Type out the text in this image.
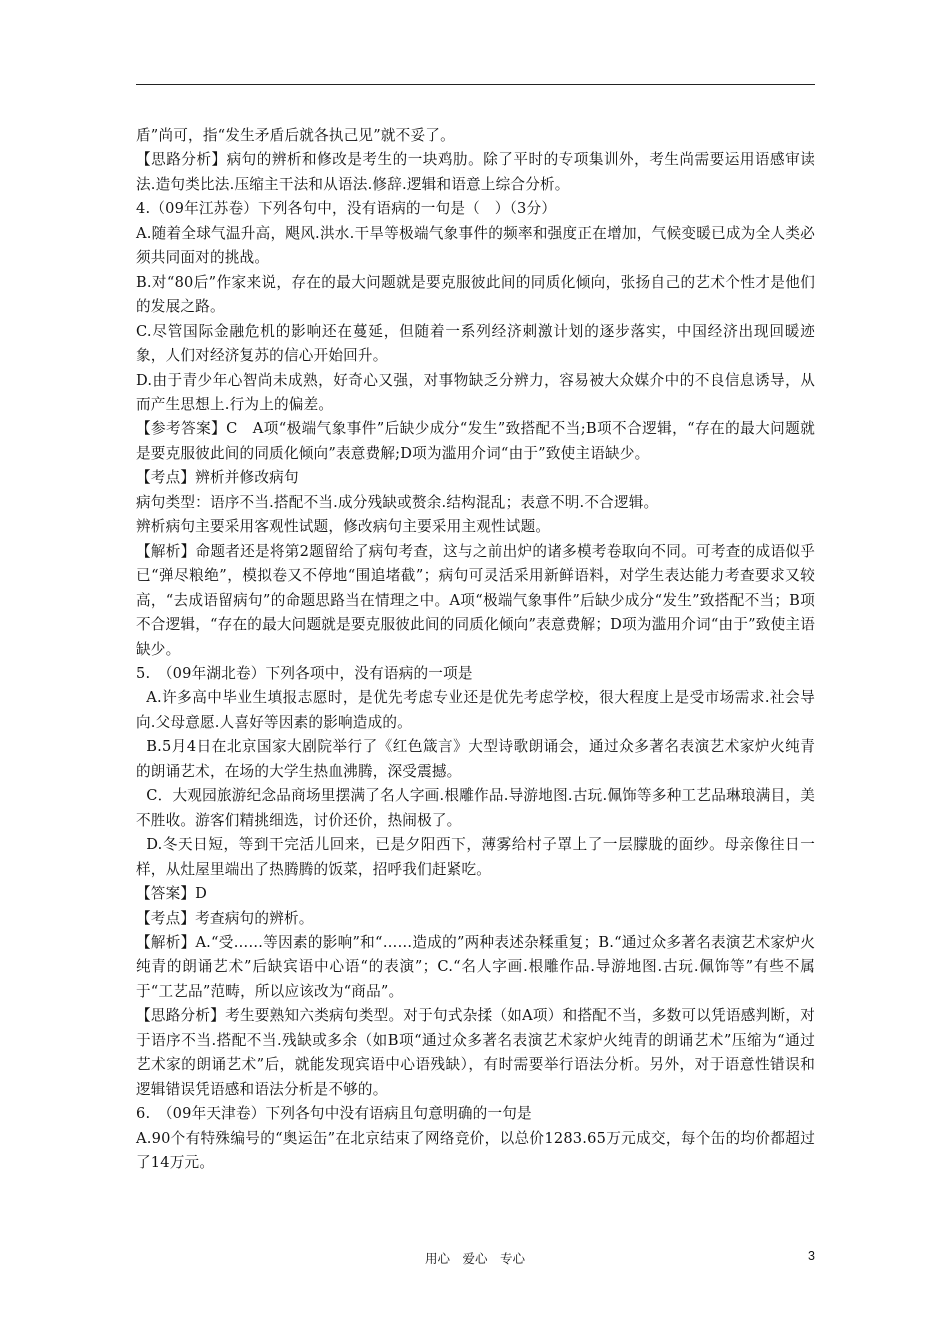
盾”尚可，指“发生矛盾后就各执己见”就不妥了。

【思路分析】病句的辨析和修改是考生的一块鸡肋。除了平时的专项集训外，考生尚需要运用语感审读法.造句类比法.压缩主干法和从语法.修辞.逻辑和语意上综合分析。

4.（09年江苏卷）下列各句中，没有语病的一句是（　）（3分）

A.随着全球气温升高，飓风.洪水.干旱等极端气象事件的频率和强度正在增加，气候变暖已成为全人类必须共同面对的挑战。

B.对“80后”作家来说，存在的最大问题就是要克服彼此间的同质化倾向，张扬自己的艺术个性才是他们的发展之路。

C.尽管国际金融危机的影响还在蔓延，但随着一系列经济刺激计划的逐步落实，中国经济出现回暖迹象，人们对经济复苏的信心开始回升。

D.由于青少年心智尚未成熟，好奇心又强，对事物缺乏分辨力，容易被大众媒介中的不良信息诱导，从而产生思想上.行为上的偏差。

【参考答案】C　A项“极端气象事件”后缺少成分“发生”致搭配不当;B项不合逻辑，“存在的最大问题就是要克服彼此间的同质化倾向”表意费解;D项为滥用介词“由于”致使主语缺少。

【考点】辨析并修改病句

病句类型：语序不当.搭配不当.成分残缺或赘余.结构混乱；表意不明.不合逻辑。

辨析病句主要采用客观性试题，修改病句主要采用主观性试题。

【解析】命题者还是将第2题留给了病句考查，这与之前出炉的诸多模考卷取向不同。可考查的成语似乎已“弹尽粮绝”，模拟卷又不停地“围追堵截”；病句可灵活采用新鲜语料，对学生表达能力考查要求又较高，“去成语留病句”的命题思路当在情理之中。A项“极端气象事件”后缺少成分“发生”致搭配不当；B项不合逻辑，“存在的最大问题就是要克服彼此间的同质化倾向”表意费解；D项为滥用介词“由于”致使主语缺少。

5.　（09年湖北卷）下列各项中，没有语病的一项是

A.许多高中毕业生填报志愿时，是优先考虑专业还是优先考虑学校，很大程度上是受市场需求.社会导向.父母意愿.人喜好等因素的影响造成的。

B.5月4日在北京国家大剧院举行了《红色箴言》大型诗歌朗诵会，通过众多著名表演艺术家炉火纯青的朗诵艺术，在场的大学生热血沸腾，深受震撼。

C．大观园旅游纪念品商场里摆满了名人字画.根雕作品.导游地图.古玩.佩饰等多种工艺品琳琅满目，美不胜收。游客们精挑细选，讨价还价，热闹极了。

D.冬天日短，等到干完活儿回来，已是夕阳西下，薄雾给村子罩上了一层朦胧的面纱。母亲像往日一样，从灶屋里端出了热腾腾的饭菜，招呼我们赶紧吃。

【答案】D

【考点】考查病句的辨析。

【解析】A.“受……等因素的影响”和“……造成的”两种表述杂糅重复；B.“通过众多著名表演艺术家炉火纯青的朗诵艺术”后缺宾语中心语“的表演”；C.“名人字画.根雕作品.导游地图.古玩.佩饰等”有些不属于“工艺品”范畴，所以应该改为“商品”。

【思路分析】考生要熟知六类病句类型。对于句式杂揉（如A项）和搭配不当，多数可以凭语感判断，对于语序不当.搭配不当.残缺或多余（如B项“通过众多著名表演艺术家炉火纯青的朗诵艺术”压缩为“通过艺术家的朗诵艺术”后，就能发现宾语中心语残缺），有时需要举行语法分析。另外，对于语意性错误和逻辑错误凭语感和语法分析是不够的。

6.　（09年天津卷）下列各句中没有语病且句意明确的一句是

A.90个有特殊编号的“奥运缶”在北京结束了网络竞价，以总价1283.65万元成交，每个缶的均价都超过了14万元。

用心　爱心　专心	3
